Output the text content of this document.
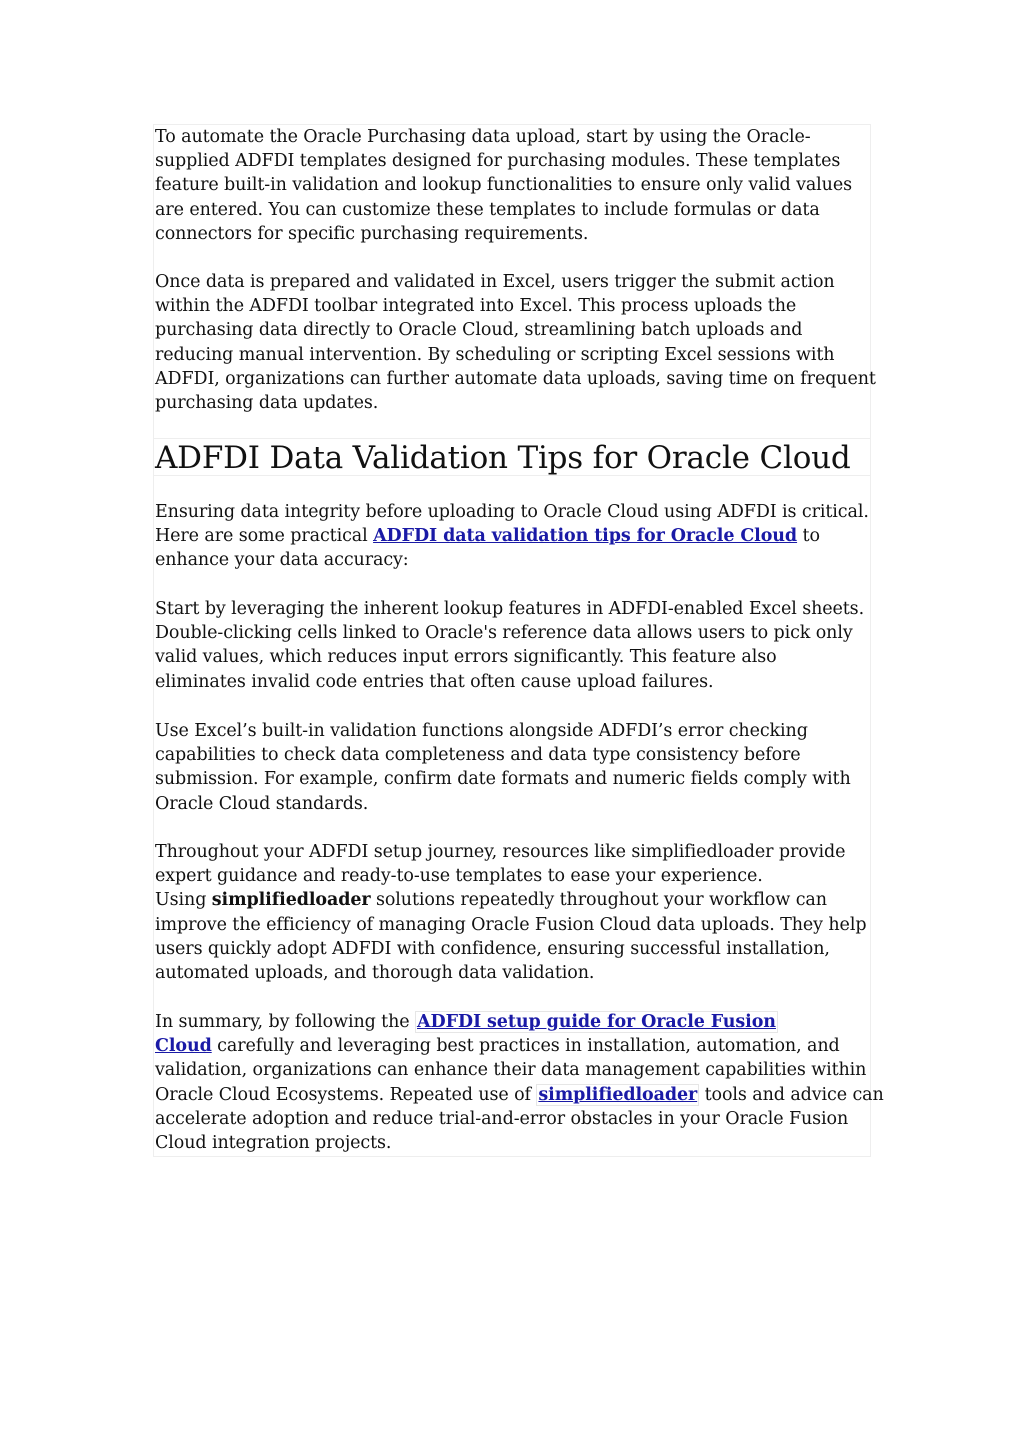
To automate the Oracle Purchasing data upload, start by using the Oracle-
supplied ADFDI templates designed for purchasing modules. These templates
feature built-in validation and lookup functionalities to ensure only valid values
are entered. You can customize these templates to include formulas or data
connectors for specific purchasing requirements.
Once data is prepared and validated in Excel, users trigger the submit action
within the ADFDI toolbar integrated into Excel. This process uploads the
purchasing data directly to Oracle Cloud, streamlining batch uploads and
reducing manual intervention. By scheduling or scripting Excel sessions with
ADFDI, organizations can further automate data uploads, saving time on frequent
purchasing data updates.
ADFDI Data Validation Tips for Oracle Cloud
Ensuring data integrity before uploading to Oracle Cloud using ADFDI is critical.
Here are some practical ADFDI data validation tips for Oracle Cloud to
enhance your data accuracy:
Start by leveraging the inherent lookup features in ADFDI-enabled Excel sheets.
Double-clicking cells linked to Oracle's reference data allows users to pick only
valid values, which reduces input errors significantly. This feature also
eliminates invalid code entries that often cause upload failures.
Use Excel’s built-in validation functions alongside ADFDI’s error checking
capabilities to check data completeness and data type consistency before
submission. For example, confirm date formats and numeric fields comply with
Oracle Cloud standards.
Throughout your ADFDI setup journey, resources like simplifiedloader provide
expert guidance and ready-to-use templates to ease your experience.
Using simplifiedloader solutions repeatedly throughout your workflow can
improve the efficiency of managing Oracle Fusion Cloud data uploads. They help
users quickly adopt ADFDI with confidence, ensuring successful installation,
automated uploads, and thorough data validation.
In summary, by following the ADFDI setup guide for Oracle Fusion
Cloud carefully and leveraging best practices in installation, automation, and
validation, organizations can enhance their data management capabilities within
Oracle Cloud Ecosystems. Repeated use of simplifiedloader tools and advice can
accelerate adoption and reduce trial-and-error obstacles in your Oracle Fusion
Cloud integration projects.
